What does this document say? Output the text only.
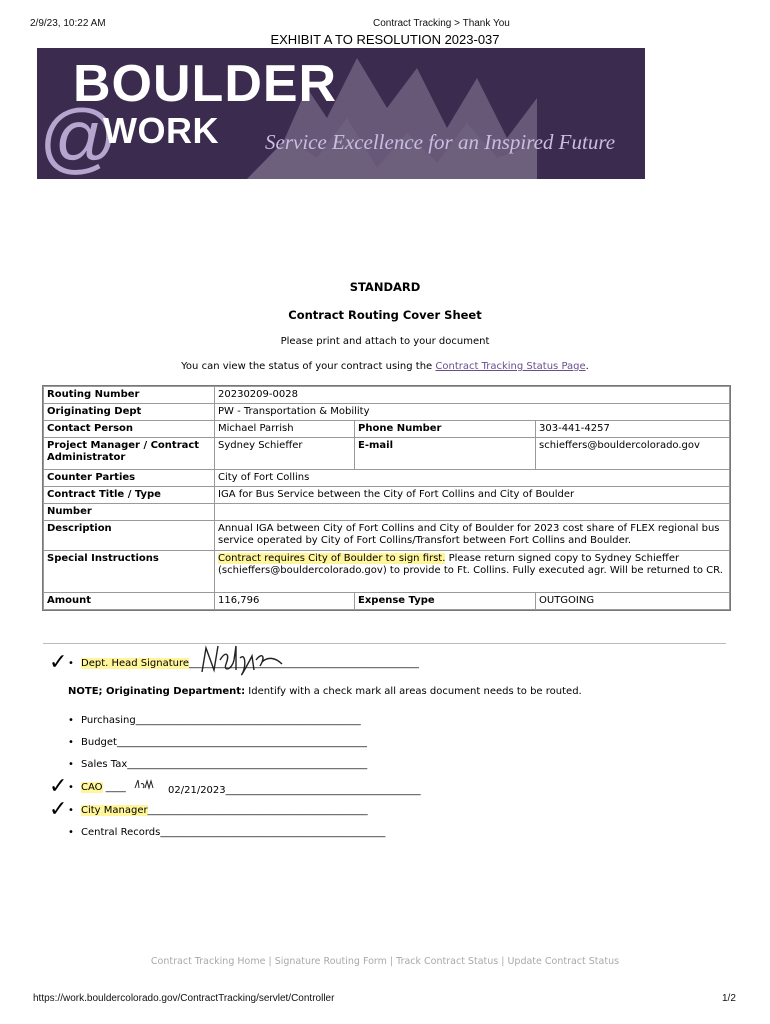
2/9/23, 10:22 AM	Contract Tracking > Thank You
EXHIBIT A TO RESOLUTION 2023-037
BOULDER
@
WORK Service Excellence for an Inspired Future
STANDARD
Contract Routing Cover Sheet
Please print and attach to your document
You can view the status of your contract using the Contract Tracking Status Page.
Routing Number	20230209-0028		
Originating Dept	PW - Transportation & Mobility		
Contact Person	Michael Parrish	Phone Number	303-441-4257
Project Manager / Contract Administrator	Sydney Schieffer	E-mail	schieffers@bouldercolorado.gov
Counter Parties	City of Fort Collins		
Contract Title / Type	IGA for Bus Service between the City of Fort Collins and City of Boulder		
Number			
Description	Annual IGA between City of Fort Collins and City of Boulder for 2023 cost share of FLEX regional bus service operated by City of Fort Collins/Transfort between Fort Collins and Boulder.		
Special Instructions	Contract requires City of Boulder to sign first. Please return signed copy to Sydney Schieffer (schieffers@bouldercolorado.gov) to provide to Ft. Collins. Fully executed agr. Will be returned to CR.		
Amount	116,796	Expense Type	OUTGOING
✓ • Dept. Head Signature______________________________________________
NOTE; Originating Department: Identify with a check mark all areas document needs to be routed.
• Purchasing_____________________________________________
• Budget__________________________________________________
• Sales Tax________________________________________________
✓ • CAO ____	02/21/2023_______________________________________
✓ • City Manager____________________________________________
• Central Records_____________________________________________
Contract Tracking Home | Signature Routing Form | Track Contract Status | Update Contract Status
https://work.bouldercolorado.gov/ContractTracking/servlet/Controller	1/2
